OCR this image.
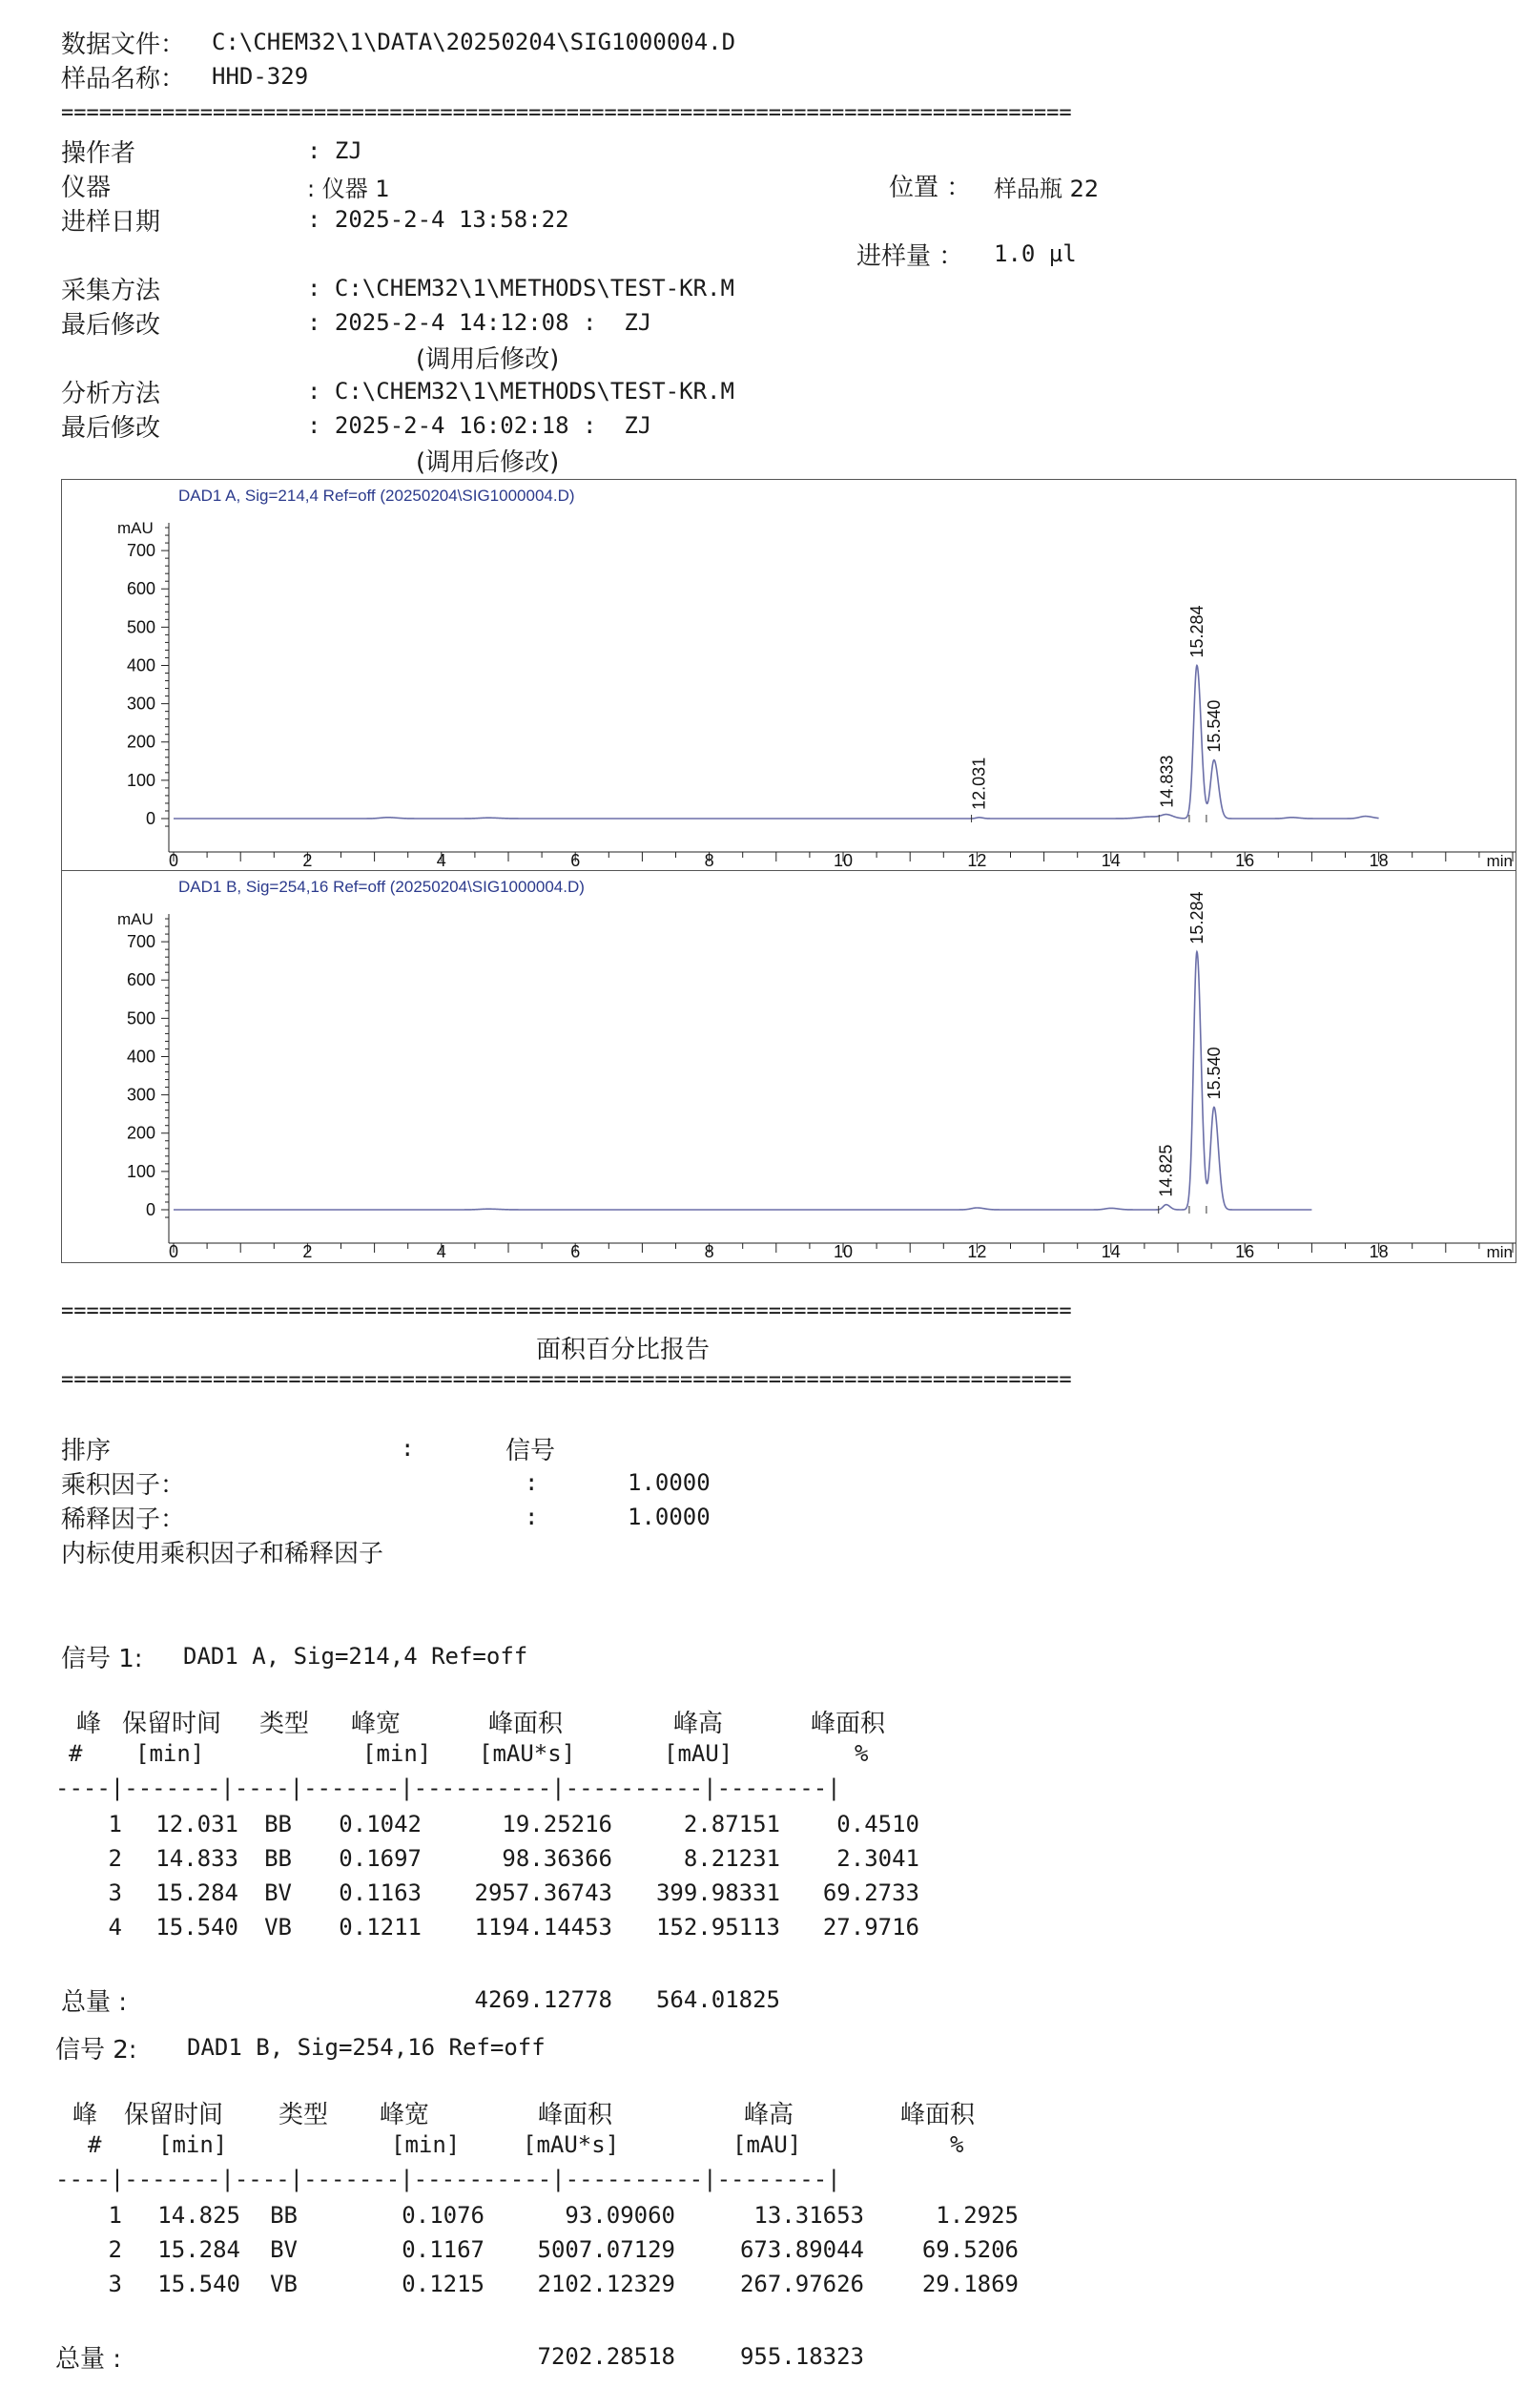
数据文件： C:\CHEM32\1\DATA\20250204\SIG1000004.D
样品名称： HHD-329
================================================================================
操作者	: ZJ
仪器	: 仪器 1	位置 ： 样品瓶 22
进样日期	: 2025-2-4 13:58:22
进样量 ： 1.0 µl
采集方法	: C:\CHEM32\1\METHODS\TEST-KR.M
最后修改	: 2025-2-4 14:12:08 :  ZJ
(调用后修改)
分析方法	: C:\CHEM32\1\METHODS\TEST-KR.M
最后修改	: 2025-2-4 16:02:18 :  ZJ
(调用后修改)
DAD1 A, Sig=214,4 Ref=off (20250204\SIG1000004.D)
mAU
0
100
200
300
400
500
600
700
0	2	4	6	8	10	12	14	16	18	min
12.031	14.833
15.284
15.540
DAD1 B, Sig=254,16 Ref=off (20250204\SIG1000004.D)
mAU
0
100
200
300
400
500
600
700
0	2	4	6	8	10	12	14	16	18	min
14.825
15.284
15.540
================================================================================
面积百分比报告
================================================================================
排序	:	信号
乘积因子：	:	1.0000
稀释因子：	:	1.0000
内标使用乘积因子和稀释因子
信号 1: DAD1 A, Sig=214,4 Ref=off
信号 2: DAD1 B, Sig=254,16 Ref=off
峰 保留时间 类型 峰宽	峰面积	峰高	峰面积
# [min]	[min] [mAU*s]	[mAU]	%
----|-------|----|-------|----------|----------|--------|
1 12.031 BB 0.1042	19.25216	2.87151 0.4510
2 14.833 BB 0.1697	98.36366	8.21231 2.3041
3 15.284 BV 0.1163 2957.36743 399.98331 69.2733
4 15.540 VB 0.1211 1194.14453 152.95113 27.9716
总量 :	4269.12778 564.01825
峰 保留时间 类型 峰宽	峰面积	峰高	峰面积
# [min]	[min]	[mAU*s]	[mAU]	%
----|-------|----|-------|----------|----------|--------|
1 14.825 BB	0.1076	93.09060	13.31653	1.2925
2 15.284 BV	0.1167 5007.07129	673.89044	69.5206
3 15.540 VB	0.1215 2102.12329	267.97626	29.1869
总量 :	7202.28518	955.18323
